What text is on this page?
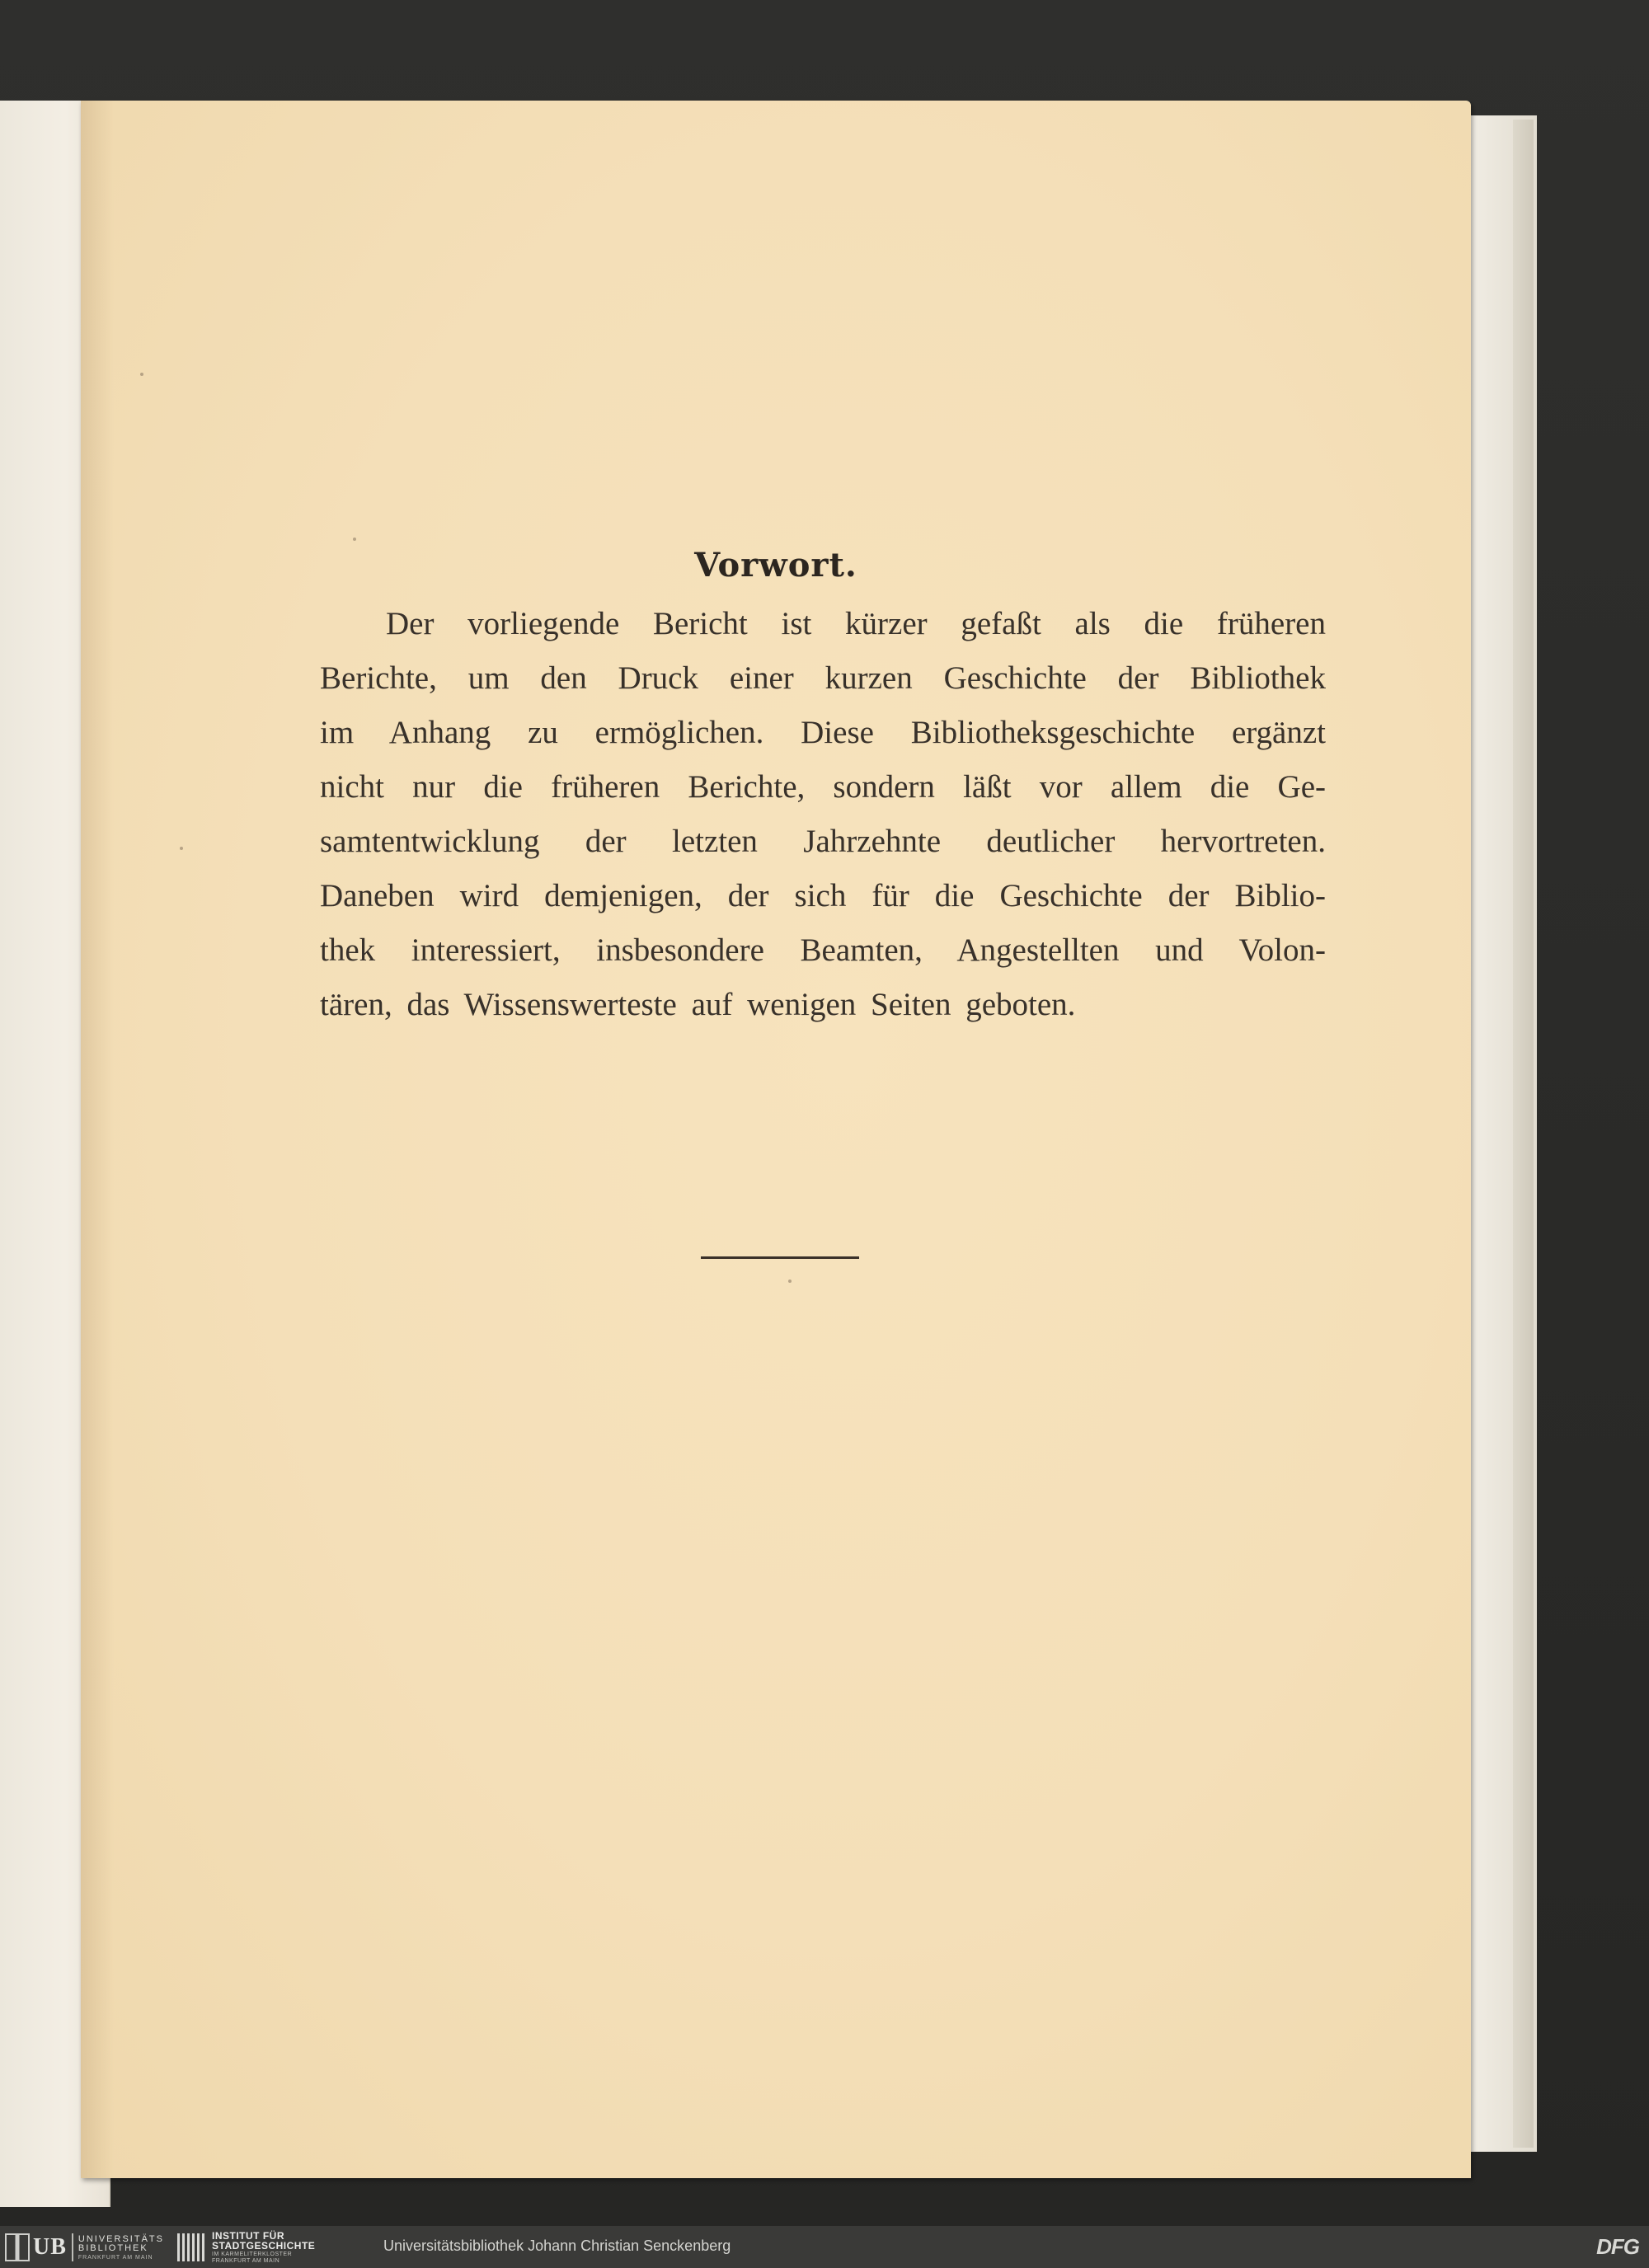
Vorwort.
Der vorliegende Bericht ist kürzer gefaßt als die früheren
Berichte, um den Druck einer kurzen Geschichte der Bibliothek
im Anhang zu ermöglichen. Diese Bibliotheksgeschichte ergänzt
nicht nur die früheren Berichte, sondern läßt vor allem die Ge-
samtentwicklung der letzten Jahrzehnte deutlicher hervortreten.
Daneben wird demjenigen, der sich für die Geschichte der Biblio-
thek interessiert, insbesondere Beamten, Angestellten und Volon-
tären, das Wissenswerteste auf wenigen Seiten geboten.
UB UNIVERSITÄTS
BIBLIOTHEK
FRANKFURT AM MAIN
INSTITUT FÜR
STADTGESCHICHTE
IM KARMELITERKLOSTER
FRANKFURT AM MAIN
Universitätsbibliothek Johann Christian Senckenberg	DFG
